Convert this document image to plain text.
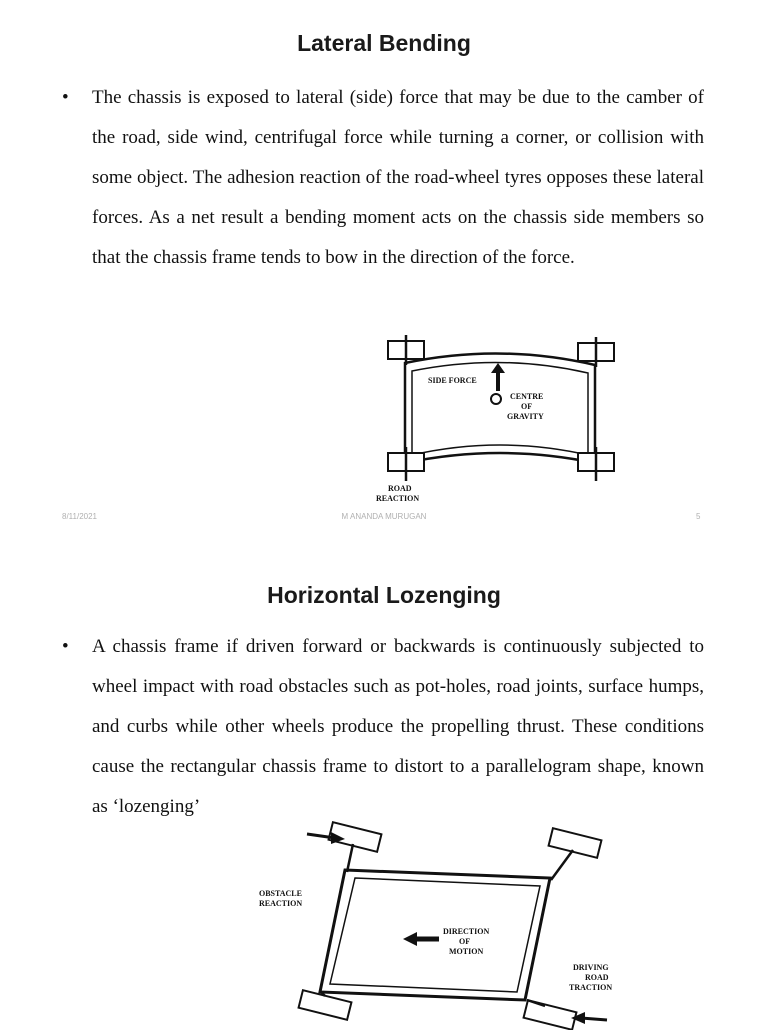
Lateral Bending
• The chassis is exposed to lateral (side) force that may be due to the camber of the road, side wind, centrifugal force while turning a corner, or collision with some object. The adhesion reaction of the road-wheel tyres opposes these lateral forces. As a net result a bending moment acts on the chassis side members so that the chassis frame tends to bow in the direction of the force.
SIDE FORCE
CENTRE
OF
GRAVITY
ROAD
REACTION
8/11/2021	M ANANDA MURUGAN	5
Horizontal Lozenging
• A chassis frame if driven forward or backwards is continuously subjected to wheel impact with road obstacles such as pot-holes, road joints, surface humps, and curbs while other wheels produce the propelling thrust. These conditions cause the rectangular chassis frame to distort to a parallelogram shape, known as ‘lozenging’
OBSTACLE
REACTION
DIRECTION
OF
MOTION
DRIVING
ROAD
TRACTION
